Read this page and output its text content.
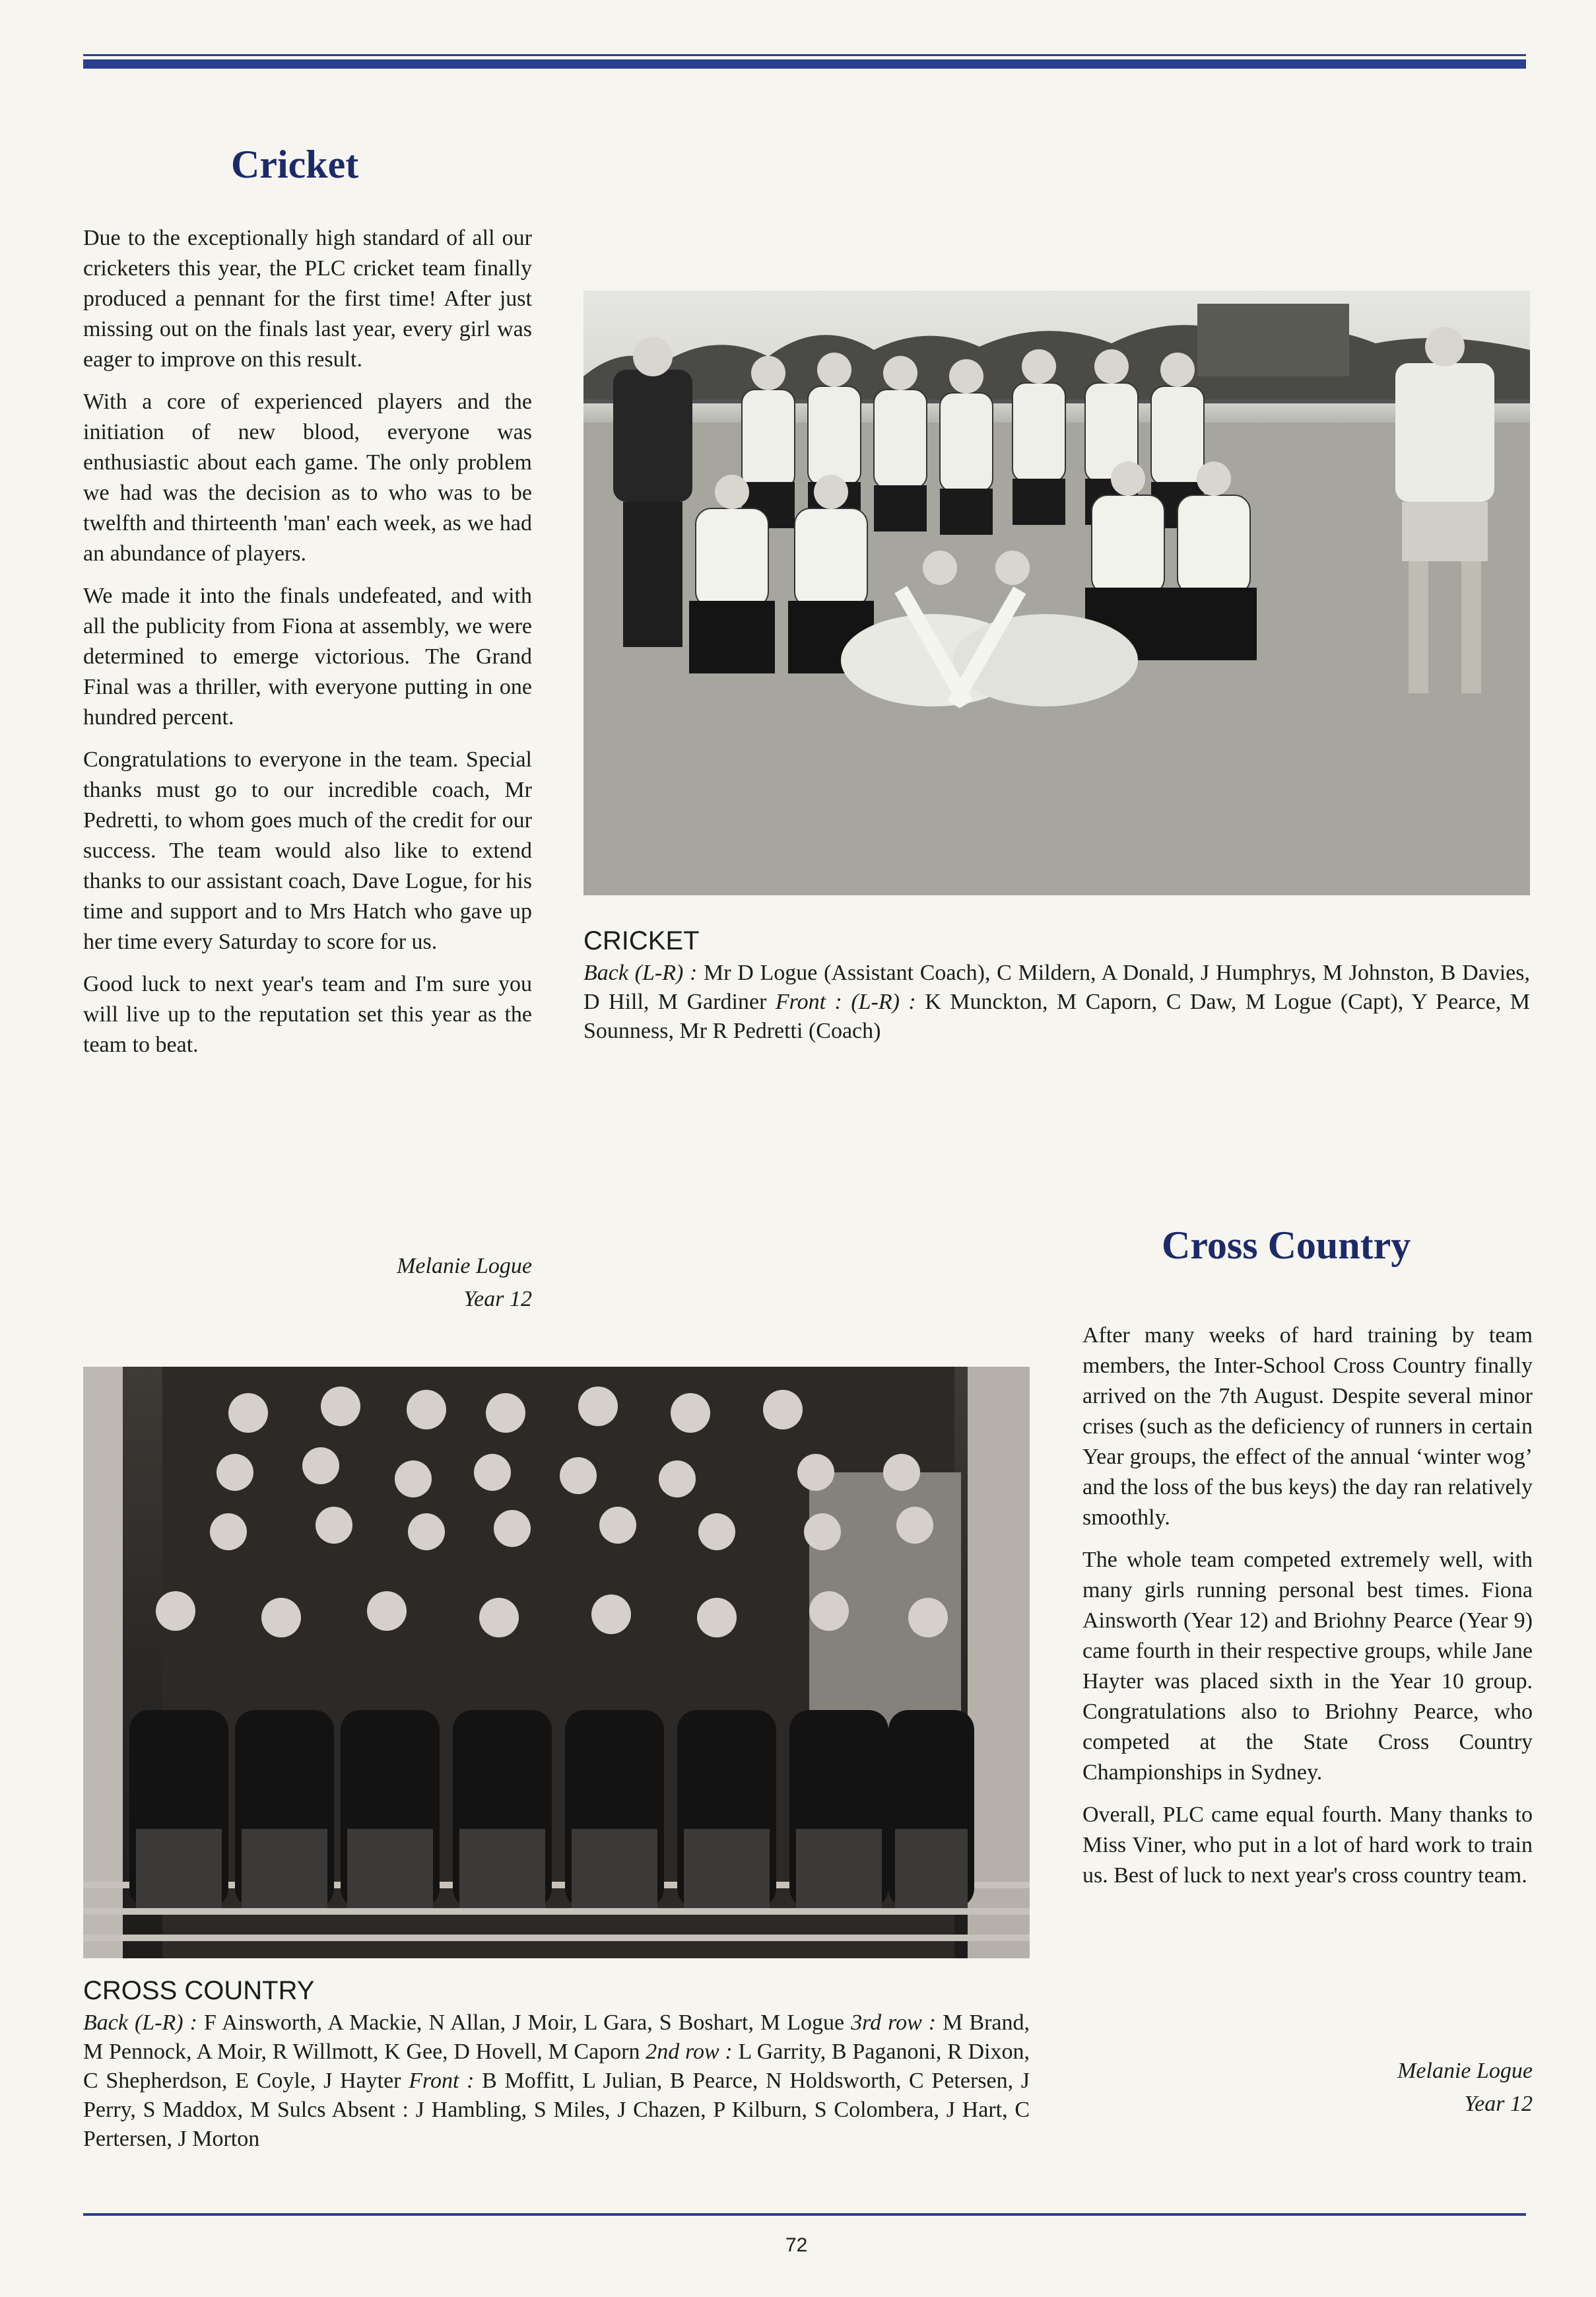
Cricket

Due to the exceptionally high standard of all our cricketers this year, the PLC cricket team finally produced a pennant for the first time! After just missing out on the finals last year, every girl was eager to improve on this result.

With a core of experienced players and the initiation of new blood, everyone was enthusiastic about each game. The only problem we had was the decision as to who was to be twelfth and thirteenth 'man' each week, as we had an abundance of players.

We made it into the finals undefeated, and with all the publicity from Fiona at assembly, we were determined to emerge victorious. The Grand Final was a thriller, with everyone putting in one hundred percent.

Congratulations to everyone in the team. Special thanks must go to our incredible coach, Mr Pedretti, to whom goes much of the credit for our success. The team would also like to extend thanks to our assistant coach, Dave Logue, for his time and support and to Mrs Hatch who gave up her time every Saturday to score for us.

Good luck to next year's team and I'm sure you will live up to the reputation set this year as the team to beat.

Melanie Logue
Year 12
CRICKET
Back (L-R) : Mr D Logue (Assistant Coach), C Mildern, A Donald, J Humphrys, M Johnston, B Davies, D Hill, M Gardiner Front : (L-R) : K Munckton, M Caporn, C Daw, M Logue (Capt), Y Pearce, M Sounness, Mr R Pedretti (Coach)
Cross Country
CROSS COUNTRY
Back (L-R) : F Ainsworth, A Mackie, N Allan, J Moir, L Gara, S Boshart, M Logue 3rd row : M Brand, M Pennock, A Moir, R Willmott, K Gee, D Hovell, M Caporn 2nd row : L Garrity, B Paganoni, R Dixon, C Shepherdson, E Coyle, J Hayter Front : B Moffitt, L Julian, B Pearce, N Holdsworth, C Petersen, J Perry, S Maddox, M Sulcs Absent : J Hambling, S Miles, J Chazen, P Kilburn, S Colombera, J Hart, C Pertersen, J Morton

After many weeks of hard training by team members, the Inter-School Cross Country finally arrived on the 7th August. Despite several minor crises (such as the deficiency of runners in certain Year groups, the effect of the annual ‘winter wog’ and the loss of the bus keys) the day ran relatively smoothly.

The whole team competed extremely well, with many girls running personal best times. Fiona Ainsworth (Year 12) and Briohny Pearce (Year 9) came fourth in their respective groups, while Jane Hayter was placed sixth in the Year 10 group. Congratulations also to Briohny Pearce, who competed at the State Cross Country Championships in Sydney.

Overall, PLC came equal fourth. Many thanks to Miss Viner, who put in a lot of hard work to train us. Best of luck to next year's cross country team.

Melanie Logue
Year 12
72
